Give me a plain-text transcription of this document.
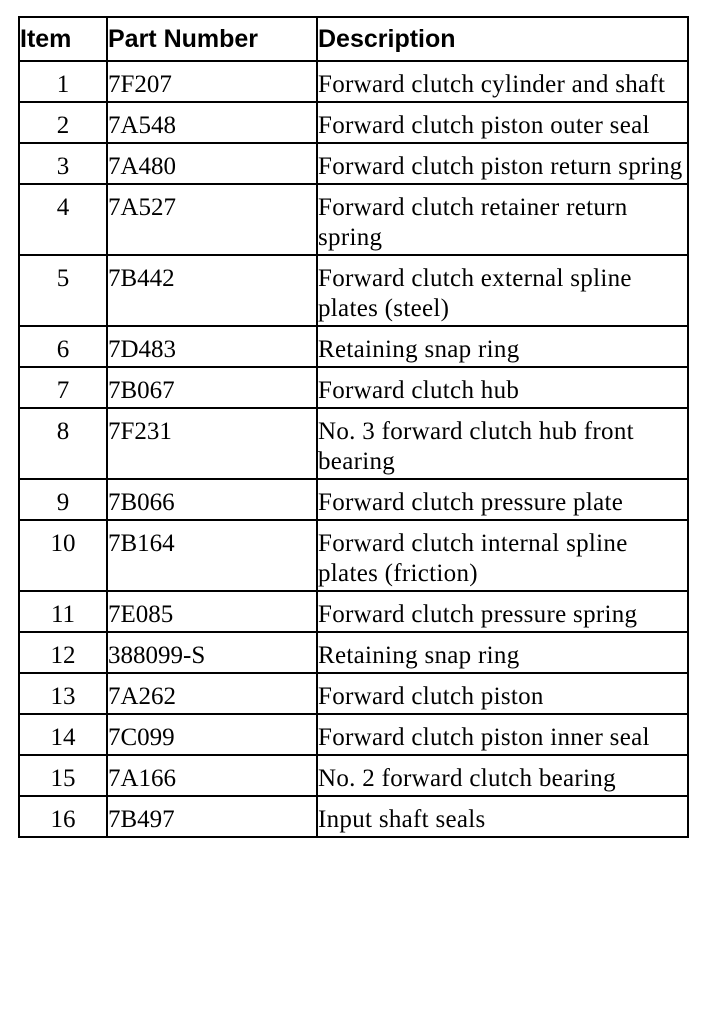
Item	Part Number	Description
1	7F207	Forward clutch cylinder and shaft
2	7A548	Forward clutch piston outer seal
3	7A480	Forward clutch piston return spring
4	7A527	Forward clutch retainer return spring
5	7B442	Forward clutch external spline plates (steel)
6	7D483	Retaining snap ring
7	7B067	Forward clutch hub
8	7F231	No. 3 forward clutch hub front bearing
9	7B066	Forward clutch pressure plate
10	7B164	Forward clutch internal spline plates (friction)
11	7E085	Forward clutch pressure spring
12	388099-S	Retaining snap ring
13	7A262	Forward clutch piston
14	7C099	Forward clutch piston inner seal
15	7A166	No. 2 forward clutch bearing
16	7B497	Input shaft seals
